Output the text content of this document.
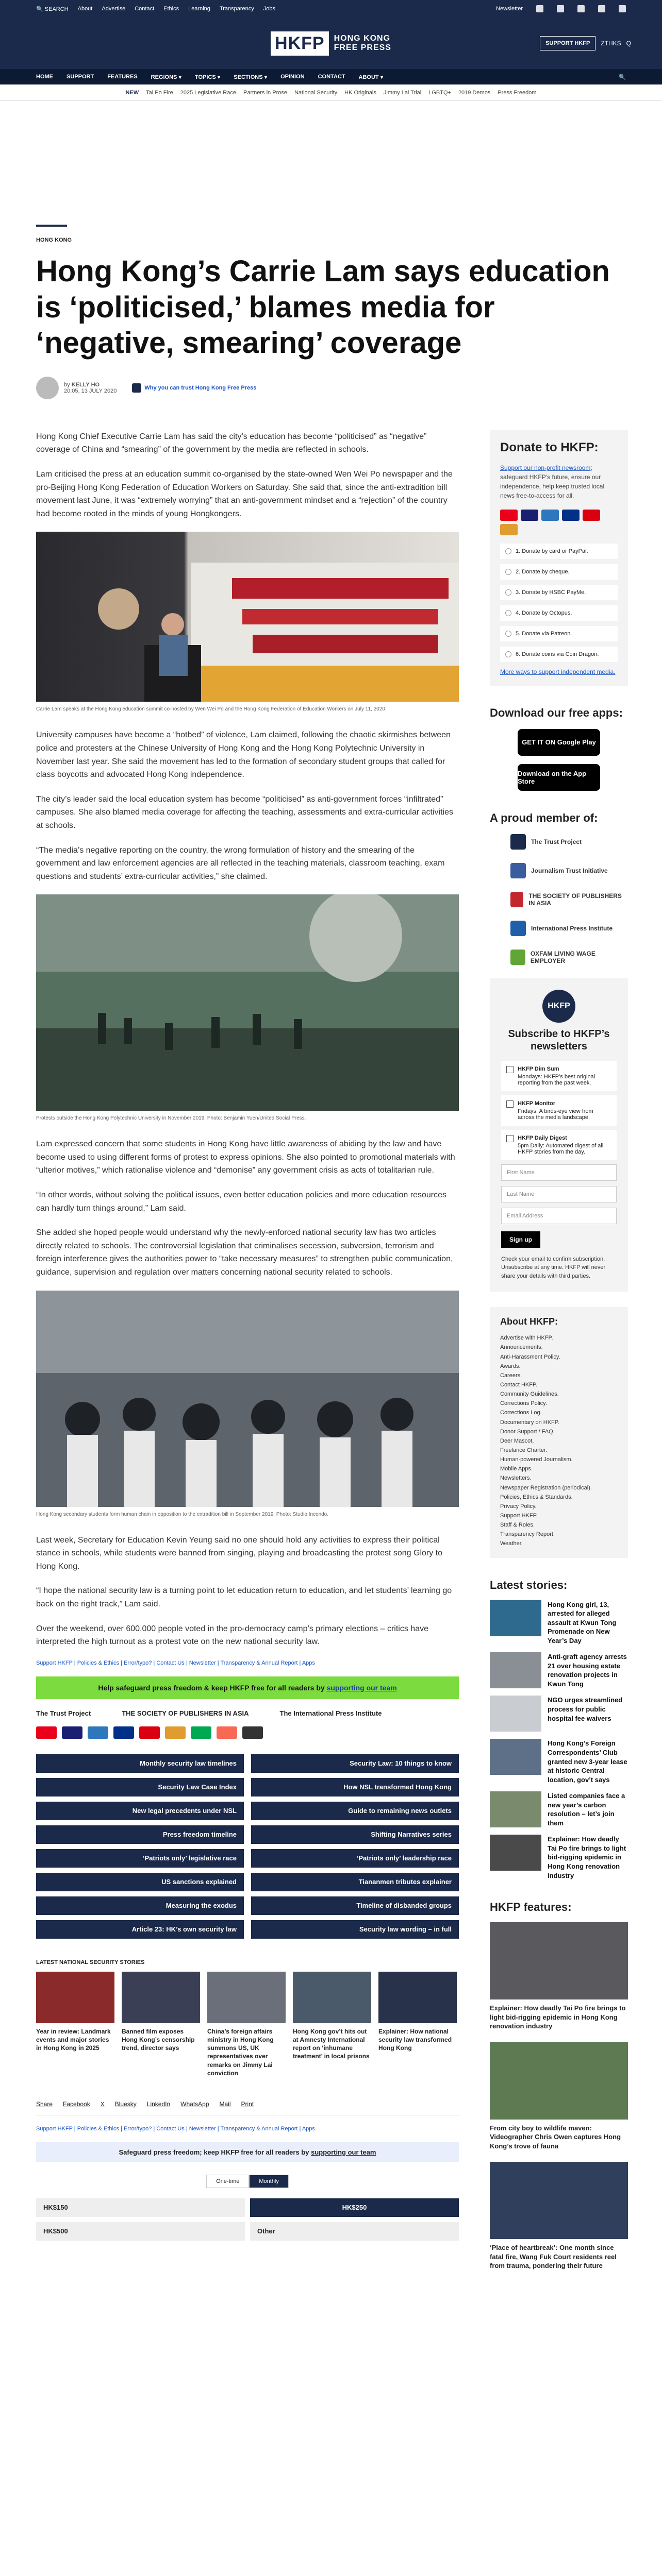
🔍 SEARCH About Advertise Contact Ethics Learning Transparency Jobs	Newsletter
HKFP	HONG KONG
FREE PRESS	SUPPORT HKFP	ZTHKS Q
HOME SUPPORT FEATURES REGIONS ▾ TOPICS ▾ SECTIONS ▾ OPINION CONTACT ABOUT ▾	🔍
NEW Tai Po Fire 2025 Legislative Race Partners in Prose National Security HK Originals Jimmy Lai Trial LGBTQ+ 2019 Demos Press Freedom
HONG KONG
Hong Kong’s Carrie Lam says education is ‘politicised,’ blames media for ‘negative, smearing’ coverage
by KELLY HO
20:05, 13 JULY 2020	Why you can trust Hong Kong Free Press

Hong Kong Chief Executive Carrie Lam has said the city’s education has become “politicised” as “negative” coverage of China and “smearing” of the government by the media are reflected in schools.

Lam criticised the press at an education summit co-organised by the state-owned Wen Wei Po newspaper and the pro-Beijing Hong Kong Federation of Education Workers on Saturday. She said that, since the anti-extradition bill movement last June, it was “extremely worrying” that an anti-government mindset and a “rejection” of the country had become rooted in the minds of young Hongkongers.

Carrie Lam speaks at the Hong Kong education summit co-hosted by Wen Wei Po and the Hong Kong Federation of Education Workers on July 11, 2020.

University campuses have become a “hotbed” of violence, Lam claimed, following the chaotic skirmishes between police and protesters at the Chinese University of Hong Kong and the Hong Kong Polytechnic University in November last year. She said the movement has led to the formation of secondary student groups that called for class boycotts and advocated Hong Kong independence.

The city’s leader said the local education system has become “politicised” as anti-government forces “infiltrated” campuses. She also blamed media coverage for affecting the teaching, assessments and extra-curricular activities at schools.

“The media’s negative reporting on the country, the wrong formulation of history and the smearing of the government and law enforcement agencies are all reflected in the teaching materials, classroom teaching, exam questions and students’ extra-curricular activities,” she claimed.

Protests outside the Hong Kong Polytechnic University in November 2019. Photo: Benjamin Yuen/United Social Press.

Lam expressed concern that some students in Hong Kong have little awareness of abiding by the law and have become used to using different forms of protest to express opinions. She also pointed to promotional materials with “ulterior motives,” which rationalise violence and “demonise” any government crisis as acts of totalitarian rule.

“In other words, without solving the political issues, even better education policies and more education resources can hardly turn things around,” Lam said.

She added she hoped people would understand why the newly-enforced national security law has two articles directly related to schools. The controversial legislation that criminalises secession, subversion, terrorism and foreign interference gives the authorities power to “take necessary measures” to strengthen public communication, guidance, supervision and regulation over matters concerning national security related to schools.

Hong Kong secondary students form human chain in opposition to the extradition bill in September 2019. Photo: Studio Incendo.

Last week, Secretary for Education Kevin Yeung said no one should hold any activities to express their political stance in schools, while students were banned from singing, playing and broadcasting the protest song Glory to Hong Kong.

“I hope the national security law is a turning point to let education return to education, and let students’ learning go back on the right track,” Lam said.

Over the weekend, over 600,000 people voted in the pro-democracy camp’s primary elections – critics have interpreted the high turnout as a protest vote on the new national security law.

Support HKFP | Policies & Ethics | Error/typo? | Contact Us | Newsletter | Transparency & Annual Report | Apps
Help safeguard press freedom & keep HKFP free for all readers by supporting our team
The Trust Project	THE SOCIETY OF PUBLISHERS IN ASIA	The International Press Institute
Monthly security law timelines	Security Law: 10 things to know
Security Law Case Index	How NSL transformed Hong Kong
New legal precedents under NSL	Guide to remaining news outlets
Press freedom timeline	Shifting Narratives series
‘Patriots only’ legislative race	‘Patriots only’ leadership race
US sanctions explained	Tiananmen tributes explainer
Measuring the exodus	Timeline of disbanded groups
Article 23: HK’s own security law	Security law wording – in full
LATEST NATIONAL SECURITY STORIES
Year in review: Landmark events and major stories in Hong Kong in 2025
Banned film exposes Hong Kong’s censorship trend, director says
China’s foreign affairs ministry in Hong Kong summons US, UK representatives over remarks on Jimmy Lai conviction
Hong Kong gov’t hits out at Amnesty International report on ‘inhumane treatment’ in local prisons
Explainer: How national security law transformed Hong Kong
Share Facebook X Bluesky LinkedIn WhatsApp Mail Print
Support HKFP | Policies & Ethics | Error/typo? | Contact Us | Newsletter | Transparency & Annual Report | Apps
Safeguard press freedom; keep HKFP free for all readers by supporting our team
One-time	Monthly
HK$150	HK$250
HK$500	Other
Donate to HKFP:
Support our non-profit newsroom; safeguard HKFP’s future, ensure our independence, help keep trusted local news free-to-access for all.
1. Donate by card or PayPal.
2. Donate by cheque.
3. Donate by HSBC PayMe.
4. Donate by Octopus.
5. Donate via Patreon.
6. Donate coins via Coin Dragon.
More ways to support independent media.
Download our free apps:
GET IT ON Google Play
Download on the App Store
A proud member of:
The Trust Project
Journalism Trust Initiative
THE SOCIETY OF PUBLISHERS IN ASIA
International Press Institute
OXFAM LIVING WAGE EMPLOYER
HKFP
Subscribe to HKFP’s newsletters
HKFP Dim Sum
Mondays: HKFP’s best original reporting from the past week.
HKFP Monitor
Fridays: A birds-eye view from across the media landscape.
HKFP Daily Digest
5pm Daily: Automated digest of all HKFP stories from the day.
First Name
Last Name
Email Address
Sign up
Check your email to confirm subscription. Unsubscribe at any time. HKFP will never share your details with third parties.
About HKFP:
Advertise with HKFP.
Announcements.
Anti-Harassment Policy.
Awards.
Careers.
Contact HKFP.
Community Guidelines.
Corrections Policy.
Corrections Log.
Documentary on HKFP.
Donor Support / FAQ.
Deer Mascot.
Freelance Charter.
Human-powered Journalism.
Mobile Apps.
Newsletters.
Newspaper Registration (periodical).
Policies, Ethics & Standards.
Privacy Policy.
Support HKFP.
Staff & Roles.
Transparency Report.
Weather.
Latest stories:
Hong Kong girl, 13, arrested for alleged assault at Kwun Tong Promenade on New Year’s Day
Anti-graft agency arrests 21 over housing estate renovation projects in Kwun Tong
NGO urges streamlined process for public hospital fee waivers
Hong Kong’s Foreign Correspondents’ Club granted new 3-year lease at historic Central location, gov’t says
Listed companies face a new year’s carbon resolution – let’s join them
Explainer: How deadly Tai Po fire brings to light bid-rigging epidemic in Hong Kong renovation industry
HKFP features:
Explainer: How deadly Tai Po fire brings to light bid-rigging epidemic in Hong Kong renovation industry
From city boy to wildlife maven: Videographer Chris Owen captures Hong Kong’s trove of fauna
‘Place of heartbreak’: One month since fatal fire, Wang Fuk Court residents reel from trauma, pondering their future
